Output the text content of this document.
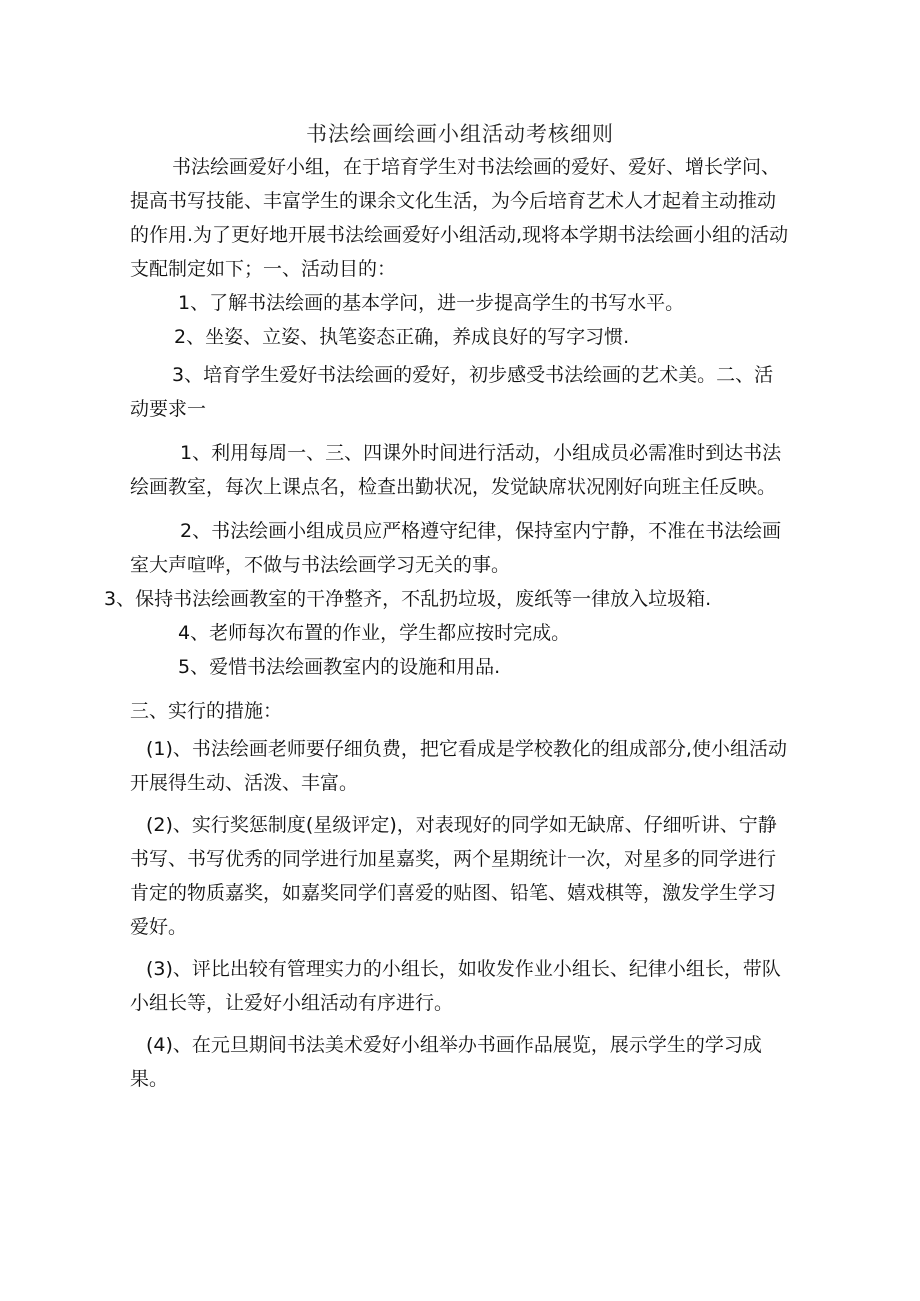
书法绘画绘画小组活动考核细则

书法绘画爱好小组，在于培育学生对书法绘画的爱好、爱好、增长学问、提高书写技能、丰富学生的课余文化生活，为今后培育艺术人才起着主动推动的作用.为了更好地开展书法绘画爱好小组活动,现将本学期书法绘画小组的活动支配制定如下；一、活动目的：

1、了解书法绘画的基本学问，进一步提高学生的书写水平。

2、坐姿、立姿、执笔姿态正确，养成良好的写字习惯.

3、培育学生爱好书法绘画的爱好，初步感受书法绘画的艺术美。二、活动要求一

1、利用每周一、三、四课外时间进行活动，小组成员必需准时到达书法绘画教室，每次上课点名，检查出勤状况，发觉缺席状况刚好向班主任反映。

2、书法绘画小组成员应严格遵守纪律，保持室内宁静，不准在书法绘画室大声喧哗，不做与书法绘画学习无关的事。

3、保持书法绘画教室的干净整齐，不乱扔垃圾，废纸等一律放入垃圾箱.

4、老师每次布置的作业，学生都应按时完成。

5、爱惜书法绘画教室内的设施和用品.

三、实行的措施：

(1)、书法绘画老师要仔细负费，把它看成是学校教化的组成部分,使小组活动开展得生动、活泼、丰富。

(2)、实行奖惩制度(星级评定)，对表现好的同学如无缺席、仔细听讲、宁静书写、书写优秀的同学进行加星嘉奖，两个星期统计一次，对星多的同学进行肯定的物质嘉奖，如嘉奖同学们喜爱的贴图、铅笔、嬉戏棋等，激发学生学习爱好。

(3)、评比出较有管理实力的小组长，如收发作业小组长、纪律小组长，带队小组长等，让爱好小组活动有序进行。

(4)、在元旦期间书法美术爱好小组举办书画作品展览，展示学生的学习成果。
